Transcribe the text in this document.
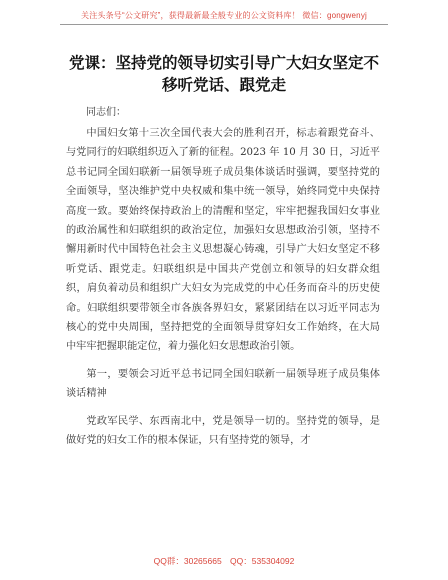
关注头条号“公文研究”，获得最新最全般专业的公文资料库！ 微信：gongwenyj
党课：坚持党的领导切实引导广大妇女坚定不
移听党话、跟党走
同志们：

中国妇女第十三次全国代表大会的胜利召开，标志着跟党奋斗、与党同行的妇联组织迈入了新的征程。2023 年 10 月 30 日，习近平总书记同全国妇联新一届领导班子成员集体谈话时强调，要坚持党的全面领导，坚决维护党中央权威和集中统一领导，始终同党中央保持高度一致。要始终保持政治上的清醒和坚定，牢牢把握我国妇女事业的政治属性和妇联组织的政治定位，加强妇女思想政治引领，坚持不懈用新时代中国特色社会主义思想凝心铸魂，引导广大妇女坚定不移听党话、跟党走。妇联组织是中国共产党创立和领导的妇女群众组织，肩负着动员和组织广大妇女为完成党的中心任务而奋斗的历史使命。妇联组织要带领全市各族各界妇女，紧紧团结在以习近平同志为核心的党中央周围，坚持把党的全面领导贯穿妇女工作始终，在大局中牢牢把握职能定位，着力强化妇女思想政治引领。

第一，要领会习近平总书记同全国妇联新一届领导班子成员集体谈话精神

党政军民学、东西南北中，党是领导一切的。坚持党的领导，是做好党的妇女工作的根本保证，只有坚持党的领导，才

QQ群：30265665 QQ：535304092
